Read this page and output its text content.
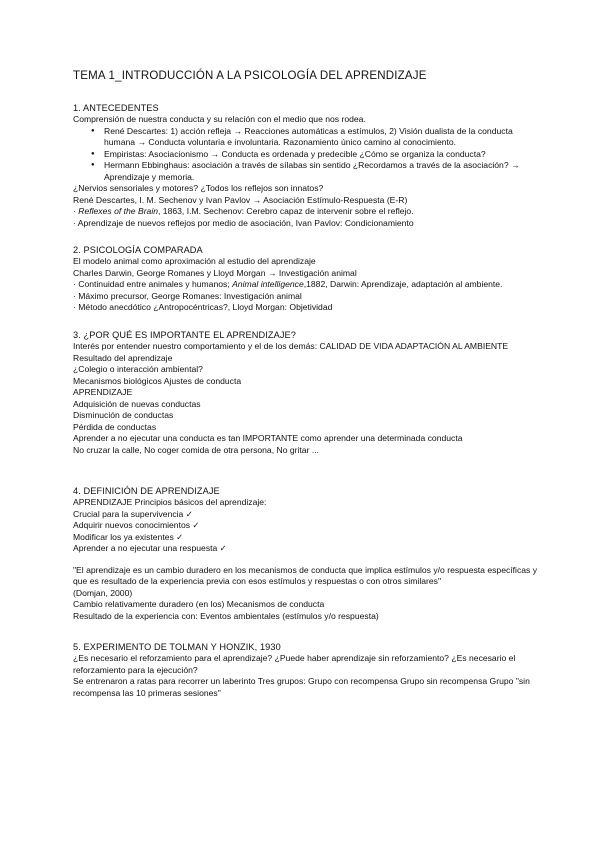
TEMA 1_INTRODUCCIÓN A LA PSICOLOGÍA DEL APRENDIZAJE
1. ANTECEDENTES
Comprensión de nuestra conducta y su relación con el medio que nos rodea.
● René Descartes: 1) acción refleja → Reacciones automáticas a estímulos, 2) Visión dualista de la conducta humana → Conducta voluntaria e involuntaria. Razonamiento único camino al conocimiento.
● Empiristas: Asociacionismo → Conducta es ordenada y predecible ¿Cómo se organiza la conducta?
● Hermann Ebbinghaus: asociación a través de sílabas sin sentido ¿Recordamos a través de la asociación? → Aprendizaje y memoria.
¿Nervios sensoriales y motores? ¿Todos los reflejos son innatos?
René Descartes, I. M. Sechenov y Ivan Pavlov → Asociación Estímulo-Respuesta (E-R)
· Reflexes of the Brain, 1863, I.M. Sechenov: Cerebro capaz de intervenir sobre el reflejo.
· Aprendizaje de nuevos reflejos por medio de asociación, Ivan Pavlov: Condicionamiento
2. PSICOLOGÍA COMPARADA
El modelo animal como aproximación al estudio del aprendizaje
Charles Darwin, George Romanes y Lloyd Morgan → Investigación animal
· Continuidad entre animales y humanos; Animal intelligence,1882, Darwin: Aprendizaje, adaptación al ambiente.
· Máximo precursor, George Romanes: Investigación animal
· Método anecdótico ¿Antropocéntricas?, Lloyd Morgan: Objetividad
3. ¿POR QUÉ ES IMPORTANTE EL APRENDIZAJE?
Interés por entender nuestro comportamiento y el de los demás: CALIDAD DE VIDA ADAPTACIÓN AL AMBIENTE
Resultado del aprendizaje
¿Colegio o interacción ambiental?
Mecanismos biológicos Ajustes de conducta
APRENDIZAJE
Adquisición de nuevas conductas
Disminución de conductas
Pérdida de conductas
Aprender a no ejecutar una conducta es tan IMPORTANTE como aprender una determinada conducta
No cruzar la calle, No coger comida de otra persona, No gritar ...
4. DEFINICIÓN DE APRENDIZAJE
APRENDIZAJE Principios básicos del aprendizaje:
Crucial para la supervivencia ✓
Adquirir nuevos conocimientos ✓
Modificar los ya existentes ✓
Aprender a no ejecutar una respuesta ✓
"El aprendizaje es un cambio duradero en los mecanismos de conducta que implica estímulos y/o respuesta específicas y que es resultado de la experiencia previa con esos estímulos y respuestas o con otros similares"
(Domjan, 2000)
Cambio relativamente duradero (en los) Mecanismos de conducta
Resultado de la experiencia con: Eventos ambientales (estímulos y/o respuesta)
5. EXPERIMENTO DE TOLMAN Y HONZIK, 1930
¿Es necesario el reforzamiento para el aprendizaje? ¿Puede haber aprendizaje sin reforzamiento? ¿Es necesario el reforzamiento para la ejecución?
Se entrenaron a ratas para recorrer un laberinto Tres grupos: Grupo con recompensa Grupo sin recompensa Grupo "sin recompensa las 10 primeras sesiones"
